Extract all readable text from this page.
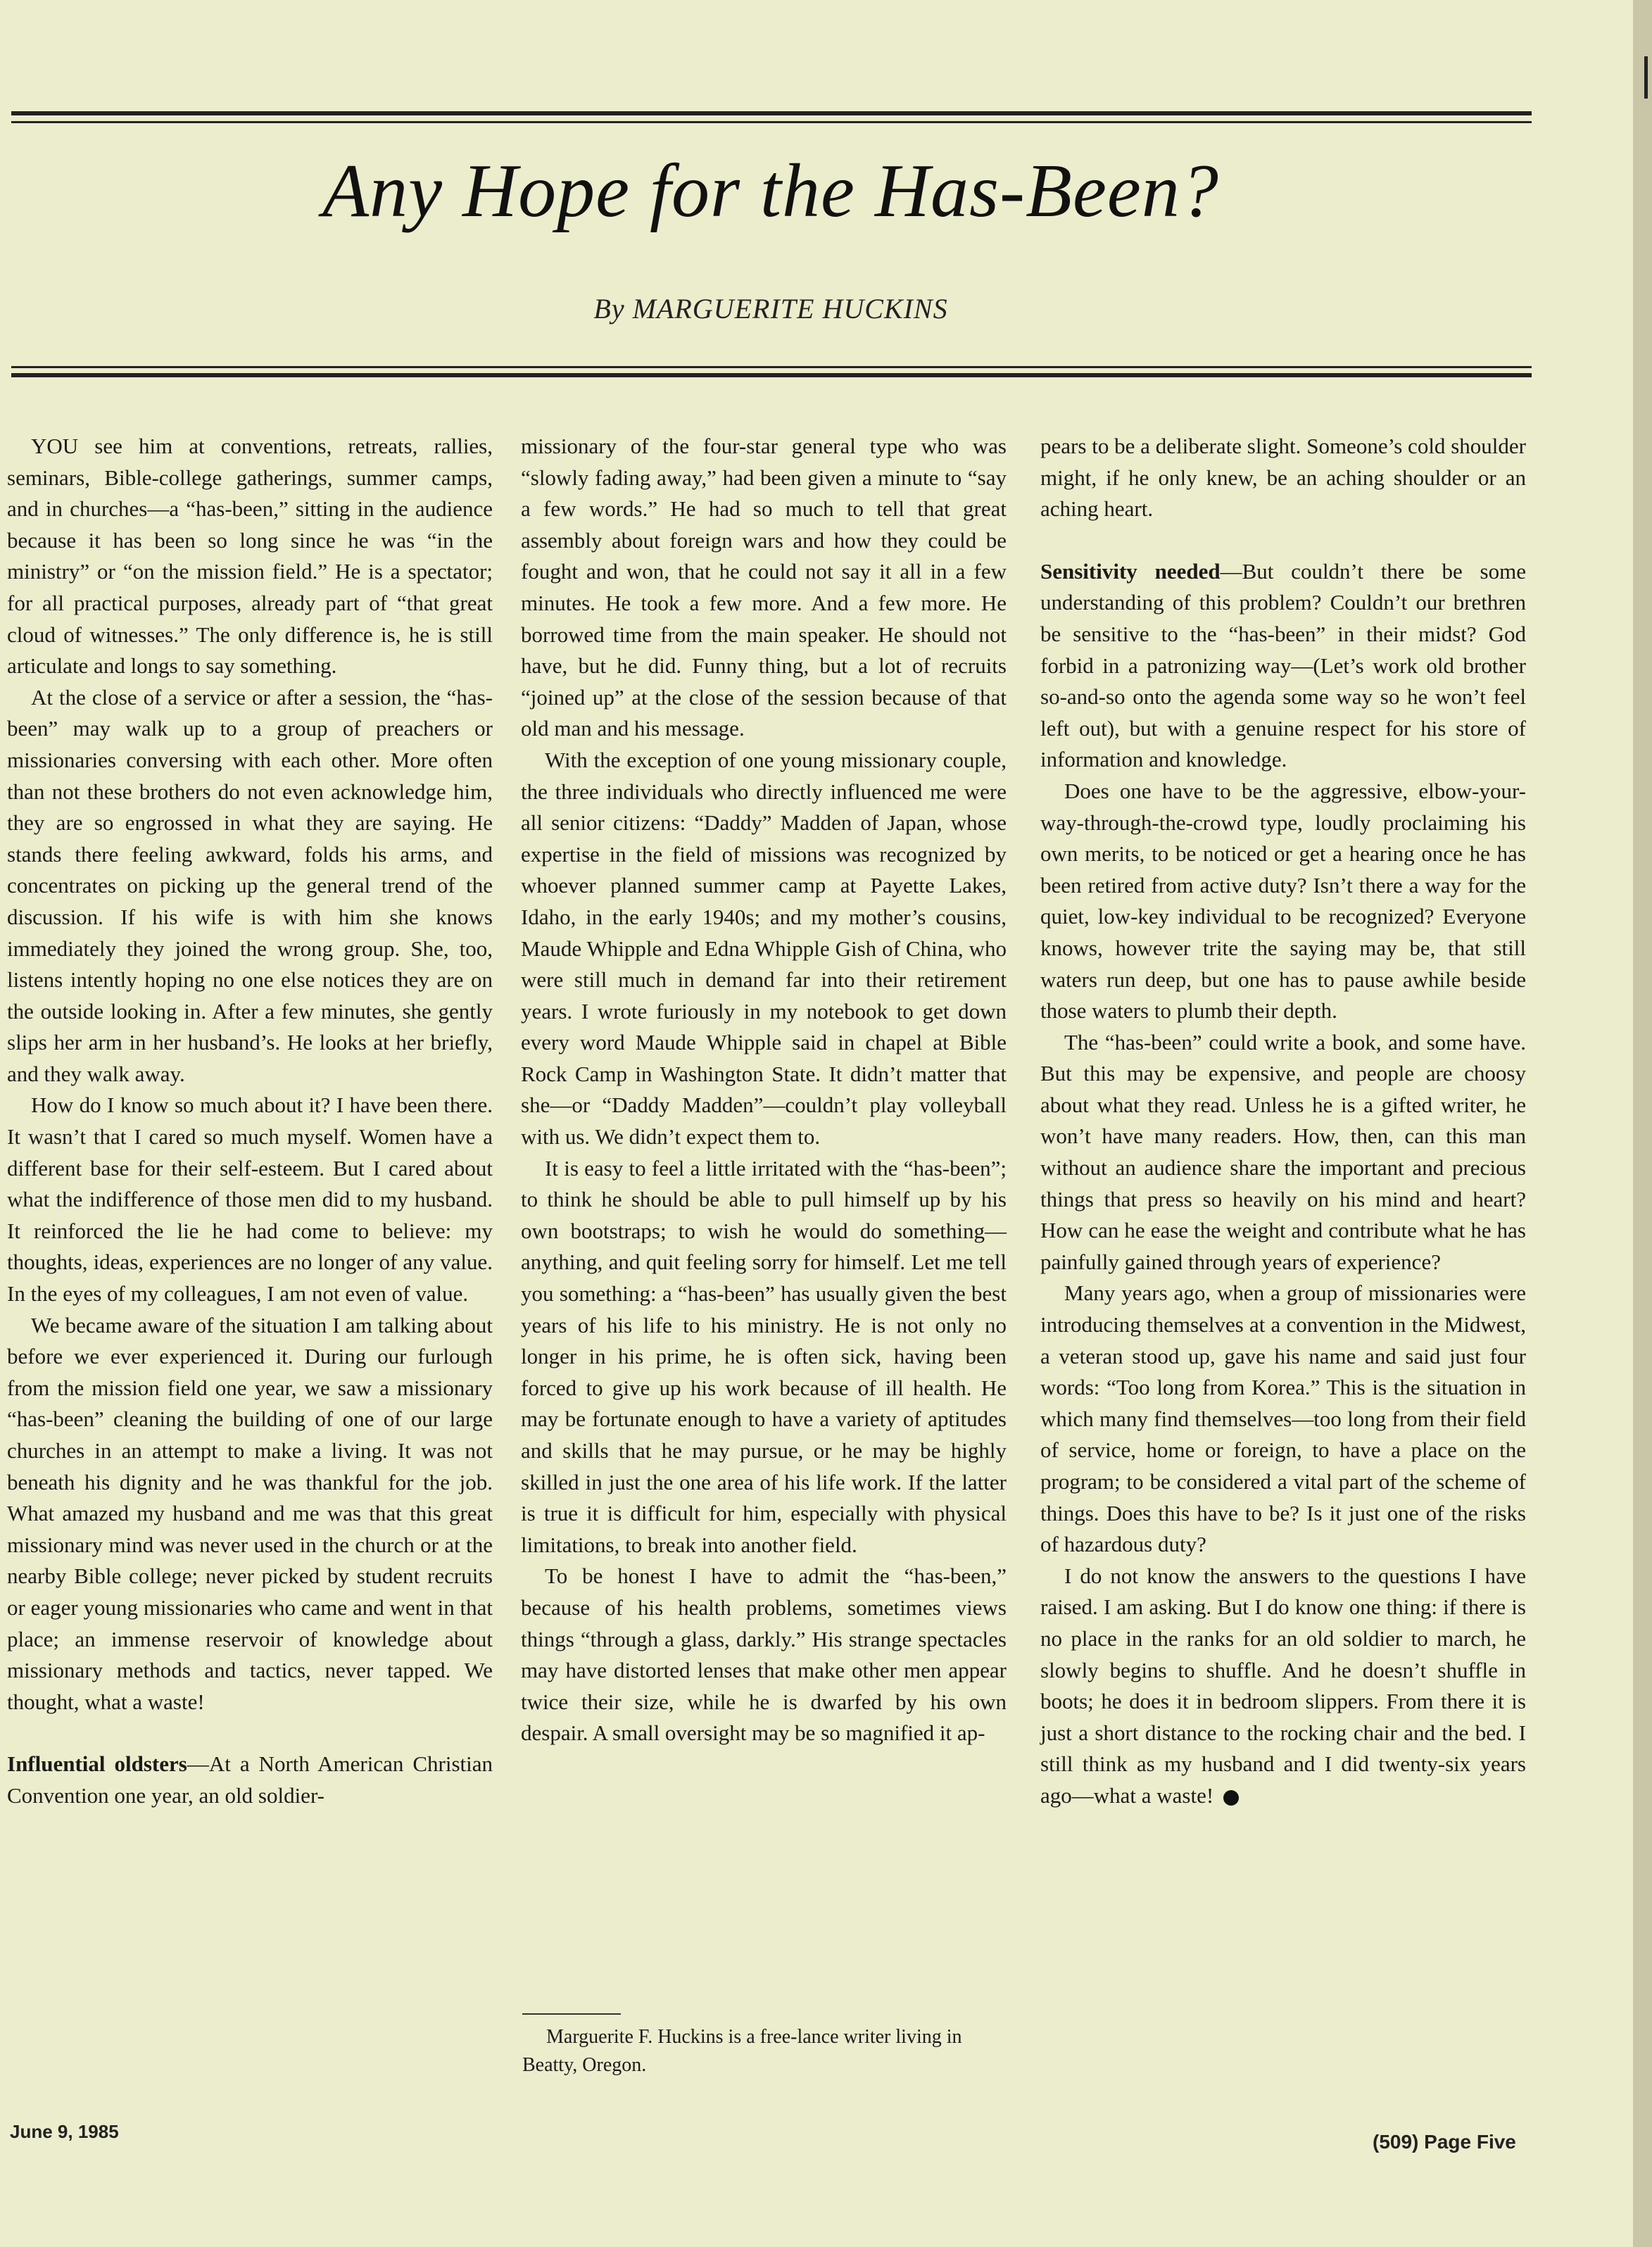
Any Hope for the Has-Been?
By MARGUERITE HUCKINS

YOU see him at conventions, retreats, rallies, seminars, Bible-college gatherings, summer camps, and in churches—a “has-been,” sitting in the audience because it has been so long since he was “in the ministry” or “on the mission field.” He is a spectator; for all practical purposes, already part of “that great cloud of witnesses.” The only difference is, he is still articulate and longs to say something.

At the close of a service or after a session, the “has-been” may walk up to a group of preachers or missionaries conversing with each other. More often than not these brothers do not even acknowledge him, they are so engrossed in what they are saying. He stands there feeling awkward, folds his arms, and concentrates on picking up the general trend of the discussion. If his wife is with him she knows immediately they joined the wrong group. She, too, listens intently hoping no one else notices they are on the outside looking in. After a few minutes, she gently slips her arm in her husband’s. He looks at her briefly, and they walk away.

How do I know so much about it? I have been there. It wasn’t that I cared so much myself. Women have a different base for their self-esteem. But I cared about what the indifference of those men did to my husband. It reinforced the lie he had come to believe: my thoughts, ideas, experiences are no longer of any value. In the eyes of my colleagues, I am not even of value.

We became aware of the situation I am talking about before we ever experienced it. During our furlough from the mission field one year, we saw a missionary “has-been” cleaning the building of one of our large churches in an attempt to make a living. It was not beneath his dignity and he was thankful for the job. What amazed my husband and me was that this great missionary mind was never used in the church or at the nearby Bible college; never picked by student recruits or eager young missionaries who came and went in that place; an immense reservoir of knowledge about missionary methods and tactics, never tapped. We thought, what a waste!

Influential oldsters—At a North American Christian Convention one year, an old soldier-

missionary of the four-star general type who was “slowly fading away,” had been given a minute to “say a few words.” He had so much to tell that great assembly about foreign wars and how they could be fought and won, that he could not say it all in a few minutes. He took a few more. And a few more. He borrowed time from the main speaker. He should not have, but he did. Funny thing, but a lot of recruits “joined up” at the close of the session because of that old man and his message.

With the exception of one young missionary couple, the three individuals who directly influenced me were all senior citizens: “Daddy” Madden of Japan, whose expertise in the field of missions was recognized by whoever planned summer camp at Payette Lakes, Idaho, in the early 1940s; and my mother’s cousins, Maude Whipple and Edna Whipple Gish of China, who were still much in demand far into their retirement years. I wrote furiously in my notebook to get down every word Maude Whipple said in chapel at Bible Rock Camp in Washington State. It didn’t matter that she—or “Daddy Madden”—couldn’t play volleyball with us. We didn’t expect them to.

It is easy to feel a little irritated with the “has-been”; to think he should be able to pull himself up by his own bootstraps; to wish he would do something—anything, and quit feeling sorry for himself. Let me tell you something: a “has-been” has usually given the best years of his life to his ministry. He is not only no longer in his prime, he is often sick, having been forced to give up his work because of ill health. He may be fortunate enough to have a variety of aptitudes and skills that he may pursue, or he may be highly skilled in just the one area of his life work. If the latter is true it is difficult for him, especially with physical limitations, to break into another field.

To be honest I have to admit the “has-been,” because of his health problems, sometimes views things “through a glass, darkly.” His strange spectacles may have distorted lenses that make other men appear twice their size, while he is dwarfed by his own despair. A small oversight may be so magnified it ap-

Marguerite F. Huckins is a free-lance writer living in Beatty, Oregon.

pears to be a deliberate slight. Someone’s cold shoulder might, if he only knew, be an aching shoulder or an aching heart.

Sensitivity needed—But couldn’t there be some understanding of this problem? Couldn’t our brethren be sensitive to the “has-been” in their midst? God forbid in a patronizing way—(Let’s work old brother so-and-so onto the agenda some way so he won’t feel left out), but with a genuine respect for his store of information and knowledge.

Does one have to be the aggressive, elbow-your-way-through-the-crowd type, loudly proclaiming his own merits, to be noticed or get a hearing once he has been retired from active duty? Isn’t there a way for the quiet, low-key individual to be recognized? Everyone knows, however trite the saying may be, that still waters run deep, but one has to pause awhile beside those waters to plumb their depth.

The “has-been” could write a book, and some have. But this may be expensive, and people are choosy about what they read. Unless he is a gifted writer, he won’t have many readers. How, then, can this man without an audience share the important and precious things that press so heavily on his mind and heart? How can he ease the weight and contribute what he has painfully gained through years of experience?

Many years ago, when a group of missionaries were introducing themselves at a convention in the Midwest, a veteran stood up, gave his name and said just four words: “Too long from Korea.” This is the situation in which many find themselves—too long from their field of service, home or foreign, to have a place on the program; to be considered a vital part of the scheme of things. Does this have to be? Is it just one of the risks of hazardous duty?

I do not know the answers to the questions I have raised. I am asking. But I do know one thing: if there is no place in the ranks for an old soldier to march, he slowly begins to shuffle. And he doesn’t shuffle in boots; he does it in bedroom slippers. From there it is just a short distance to the rocking chair and the bed. I still think as my husband and I did twenty-six years ago—what a waste!

June 9, 1985	(509) Page Five
